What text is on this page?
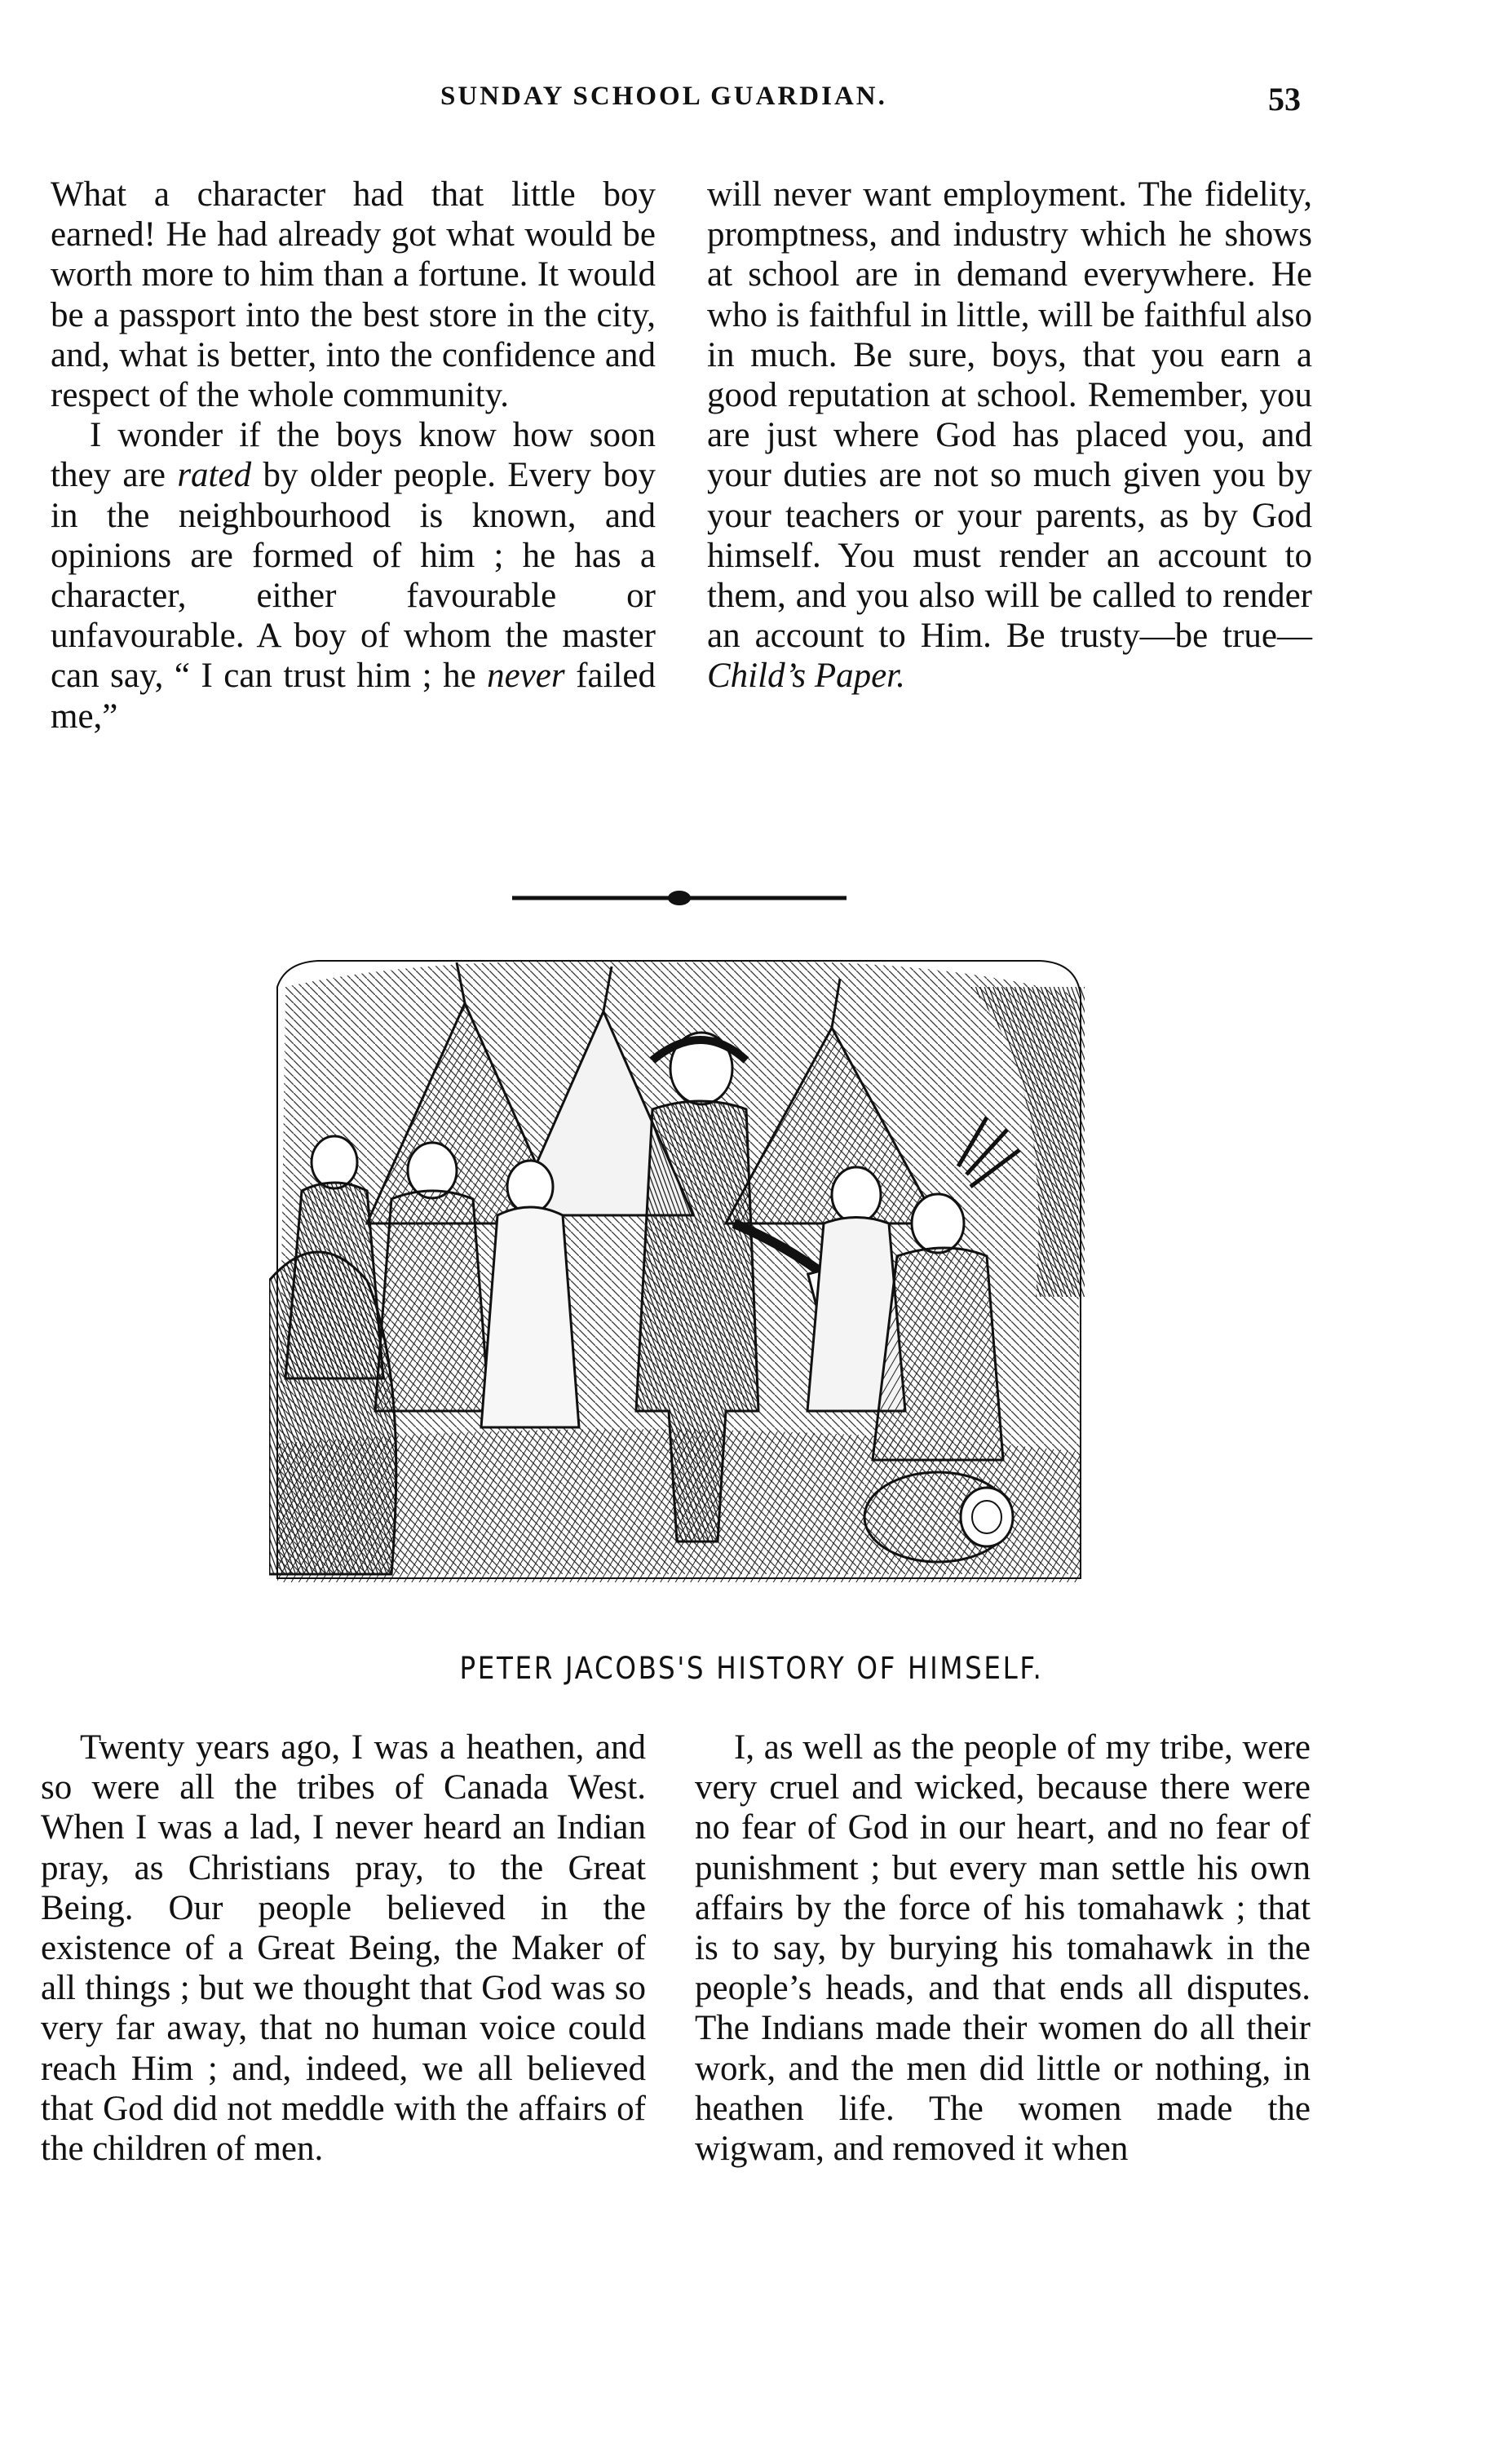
SUNDAY SCHOOL GUARDIAN.	53

What a character had that little boy earned! He had already got what would be worth more to him than a fortune. It would be a passport into the best store in the city, and, what is better, into the confidence and respect of the whole community.

I wonder if the boys know how soon they are rated by older people. Every boy in the neighbourhood is known, and opinions are formed of him ; he has a character, either favourable or unfavourable. A boy of whom the master can say, “ I can trust him ; he never failed me,”

will never want employment. The fidelity, promptness, and industry which he shows at school are in demand everywhere. He who is faithful in little, will be faithful also in much. Be sure, boys, that you earn a good reputation at school. Remember, you are just where God has placed you, and your duties are not so much given you by your teachers or your parents, as by God himself. You must render an account to them, and you also will be called to render an account to Him. Be trusty—be true—Child’s Paper.

PETER JACOBS'S HISTORY OF HIMSELF.

Twenty years ago, I was a heathen, and so were all the tribes of Canada West. When I was a lad, I never heard an Indian pray, as Christians pray, to the Great Being. Our people believed in the existence of a Great Being, the Maker of all things ; but we thought that God was so very far away, that no human voice could reach Him ; and, indeed, we all believed that God did not meddle with the affairs of the children of men.

I, as well as the people of my tribe, were very cruel and wicked, because there were no fear of God in our heart, and no fear of punishment ; but every man settle his own affairs by the force of his tomahawk ; that is to say, by burying his tomahawk in the people’s heads, and that ends all disputes. The Indians made their women do all their work, and the men did little or nothing, in heathen life. The women made the wigwam, and removed it when
